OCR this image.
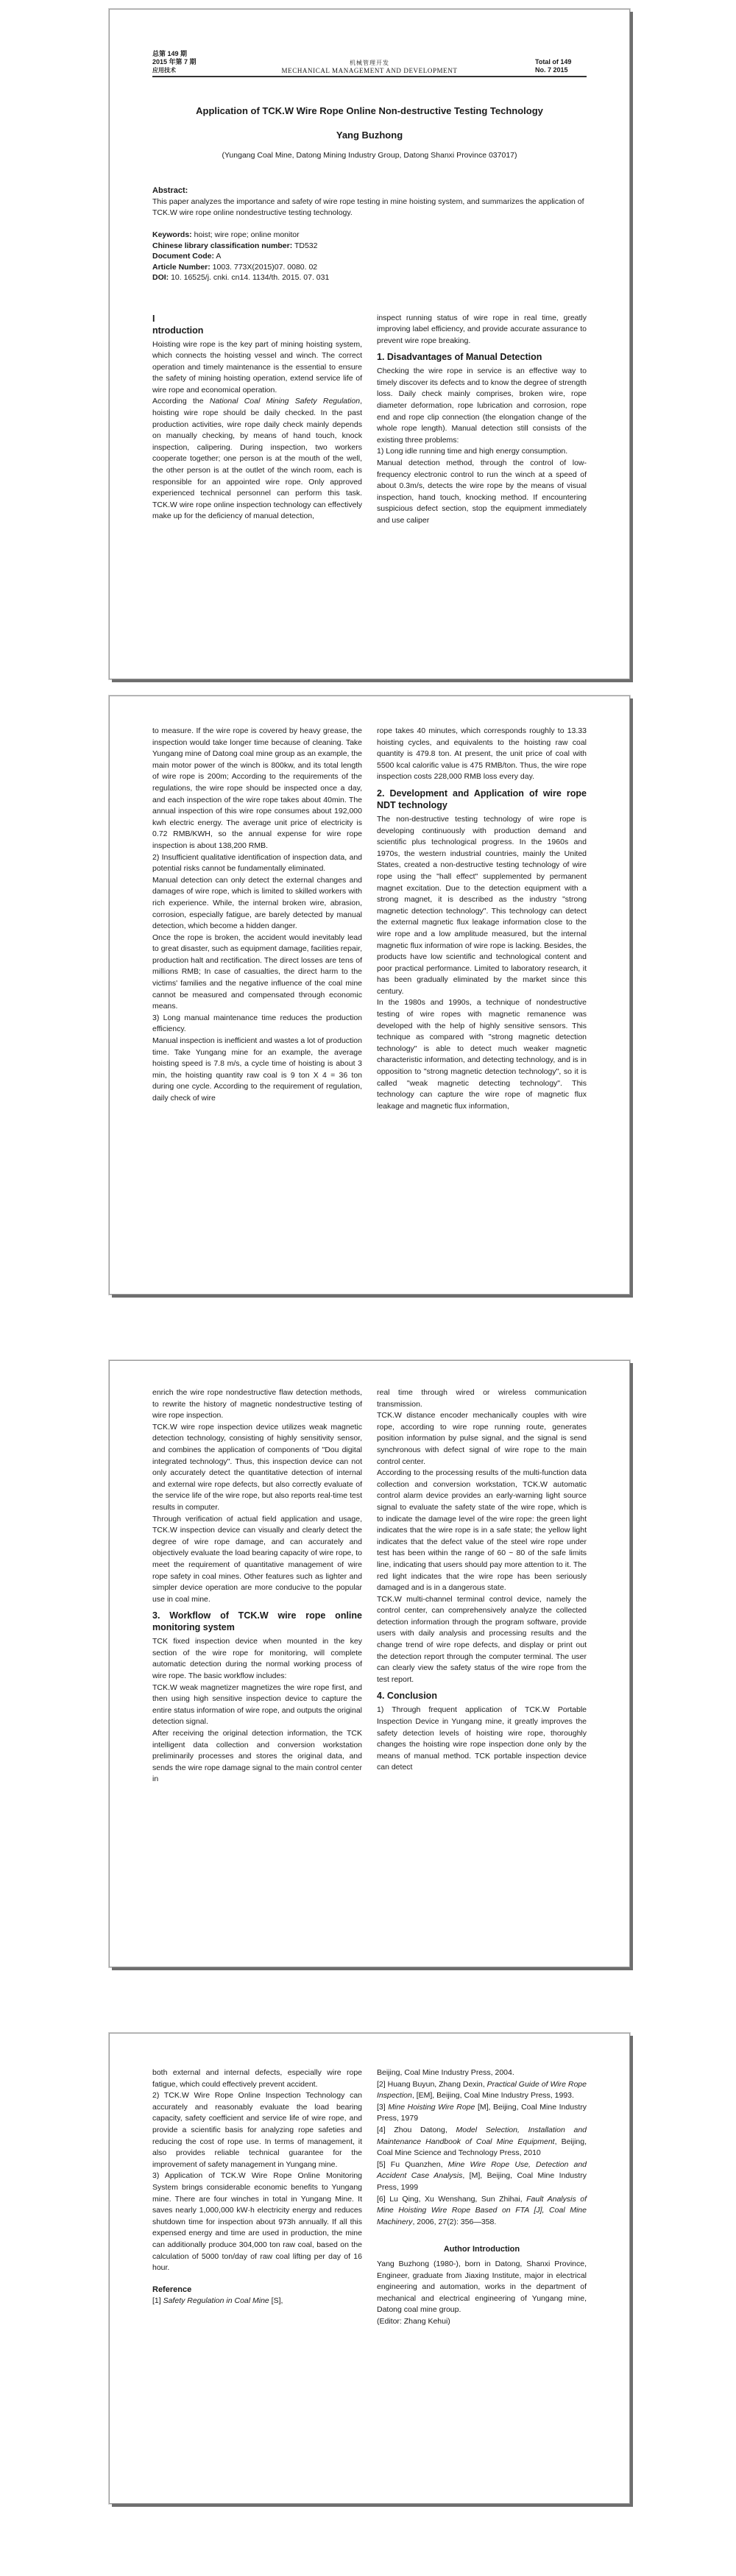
总第 149 期
2015 年第 7 期
应用技术
机械管理开发
MECHANICAL MANAGEMENT AND DEVELOPMENT
Total of 149
No. 7 2015
Application of TCK.W Wire Rope Online Non-destructive Testing Technology
Yang Buzhong
(Yungang Coal Mine, Datong Mining Industry Group, Datong Shanxi Province 037017)
Abstract:
This paper analyzes the importance and safety of wire rope testing in mine hoisting system, and summarizes the application of TCK.W wire rope online nondestructive testing technology.
Keywords: hoist; wire rope; online monitor
Chinese library classification number: TD532
Document Code: A
Article Number: 1003. 773X(2015)07. 0080. 02
DOI: 10. 16525/j. cnki. cn14. 1134/th. 2015. 07. 031
I
ntroduction

Hoisting wire rope is the key part of mining hoisting system, which connects the hoisting vessel and winch. The correct operation and timely maintenance is the essential to ensure the safety of mining hoisting operation, extend service life of wire rope and economical operation.

According the National Coal Mining Safety Regulation, hoisting wire rope should be daily checked. In the past production activities, wire rope daily check mainly depends on manually checking, by means of hand touch, knock inspection, calipering. During inspection, two workers cooperate together; one person is at the mouth of the well, the other person is at the outlet of the winch room, each is responsible for an appointed wire rope. Only approved experienced technical personnel can perform this task. TCK.W wire rope online inspection technology can effectively make up for the deficiency of manual detection,

inspect running status of wire rope in real time, greatly improving label efficiency, and provide accurate assurance to prevent wire rope breaking.

1. Disadvantages of Manual Detection

Checking the wire rope in service is an effective way to timely discover its defects and to know the degree of strength loss. Daily check mainly comprises, broken wire, rope diameter deformation, rope lubrication and corrosion, rope end and rope clip connection (the elongation change of the whole rope length). Manual detection still consists of the existing three problems:

1) Long idle running time and high energy consumption.

Manual detection method, through the control of low-frequency electronic control to run the winch at a speed of about 0.3m/s, detects the wire rope by the means of visual inspection, hand touch, knocking method. If encountering suspicious defect section, stop the equipment immediately and use caliper

to measure. If the wire rope is covered by heavy grease, the inspection would take longer time because of cleaning. Take Yungang mine of Datong coal mine group as an example, the main motor power of the winch is 800kw, and its total length of wire rope is 200m; According to the requirements of the regulations, the wire rope should be inspected once a day, and each inspection of the wire rope takes about 40min. The annual inspection of this wire rope consumes about 192,000 kwh electric energy. The average unit price of electricity is 0.72 RMB/KWH, so the annual expense for wire rope inspection is about 138,200 RMB.

2) Insufficient qualitative identification of inspection data, and potential risks cannot be fundamentally eliminated.

Manual detection can only detect the external changes and damages of wire rope, which is limited to skilled workers with rich experience. While, the internal broken wire, abrasion, corrosion, especially fatigue, are barely detected by manual detection, which become a hidden danger.

Once the rope is broken, the accident would inevitably lead to great disaster, such as equipment damage, facilities repair, production halt and rectification. The direct losses are tens of millions RMB; In case of casualties, the direct harm to the victims' families and the negative influence of the coal mine cannot be measured and compensated through economic means.

3) Long manual maintenance time reduces the production efficiency.

Manual inspection is inefficient and wastes a lot of production time. Take Yungang mine for an example, the average hoisting speed is 7.8 m/s, a cycle time of hoisting is about 3 min, the hoisting quantity raw coal is 9 ton X 4 = 36 ton during one cycle. According to the requirement of regulation, daily check of wire

rope takes 40 minutes, which corresponds roughly to 13.33 hoisting cycles, and equivalents to the hoisting raw coal quantity is 479.8 ton. At present, the unit price of coal with 5500 kcal calorific value is 475 RMB/ton. Thus, the wire rope inspection costs 228,000 RMB loss every day.

2. Development and Application of wire rope NDT technology

The non-destructive testing technology of wire rope is developing continuously with production demand and scientific plus technological progress. In the 1960s and 1970s, the western industrial countries, mainly the United States, created a non-destructive testing technology of wire rope using the "hall effect" supplemented by permanent magnet excitation. Due to the detection equipment with a strong magnet, it is described as the industry "strong magnetic detection technology". This technology can detect the external magnetic flux leakage information close to the wire rope and a low amplitude measured, but the internal magnetic flux information of wire rope is lacking. Besides, the products have low scientific and technological content and poor practical performance. Limited to laboratory research, it has been gradually eliminated by the market since this century.

In the 1980s and 1990s, a technique of nondestructive testing of wire ropes with magnetic remanence was developed with the help of highly sensitive sensors. This technique as compared with "strong magnetic detection technology" is able to detect much weaker magnetic characteristic information, and detecting technology, and is in opposition to "strong magnetic detection technology", so it is called "weak magnetic detecting technology". This technology can capture the wire rope of magnetic flux leakage and magnetic flux information,

enrich the wire rope nondestructive flaw detection methods, to rewrite the history of magnetic nondestructive testing of wire rope inspection.

TCK.W wire rope inspection device utilizes weak magnetic detection technology, consisting of highly sensitivity sensor, and combines the application of components of "Dou digital integrated technology". Thus, this inspection device can not only accurately detect the quantitative detection of internal and external wire rope defects, but also correctly evaluate of the service life of the wire rope, but also reports real-time test results in computer.

Through verification of actual field application and usage, TCK.W inspection device can visually and clearly detect the degree of wire rope damage, and can accurately and objectively evaluate the load bearing capacity of wire rope, to meet the requirement of quantitative management of wire rope safety in coal mines. Other features such as lighter and simpler device operation are more conducive to the popular use in coal mine.

3. Workflow of TCK.W wire rope online monitoring system

TCK fixed inspection device when mounted in the key section of the wire rope for monitoring, will complete automatic detection during the normal working process of wire rope. The basic workflow includes:

TCK.W weak magnetizer magnetizes the wire rope first, and then using high sensitive inspection device to capture the entire status information of wire rope, and outputs the original detection signal.

After receiving the original detection information, the TCK intelligent data collection and conversion workstation preliminarily processes and stores the original data, and sends the wire rope damage signal to the main control center in

real time through wired or wireless communication transmission.

TCK.W distance encoder mechanically couples with wire rope, according to wire rope running route, generates position information by pulse signal, and the signal is send synchronous with defect signal of wire rope to the main control center.

According to the processing results of the multi-function data collection and conversion workstation, TCK.W automatic control alarm device provides an early-warning light source signal to evaluate the safety state of the wire rope, which is to indicate the damage level of the wire rope: the green light indicates that the wire rope is in a safe state; the yellow light indicates that the defect value of the steel wire rope under test has been within the range of 60 ~ 80 of the safe limits line, indicating that users should pay more attention to it. The red light indicates that the wire rope has been seriously damaged and is in a dangerous state.

TCK.W multi-channel terminal control device, namely the control center, can comprehensively analyze the collected detection information through the program software, provide users with daily analysis and processing results and the change trend of wire rope defects, and display or print out the detection report through the computer terminal. The user can clearly view the safety status of the wire rope from the test report.

4. Conclusion

1) Through frequent application of TCK.W Portable Inspection Device in Yungang mine, it greatly improves the safety detection levels of hoisting wire rope, thoroughly changes the hoisting wire rope inspection done only by the means of manual method. TCK portable inspection device can detect

both external and internal defects, especially wire rope fatigue, which could effectively prevent accident.

2) TCK.W Wire Rope Online Inspection Technology can accurately and reasonably evaluate the load bearing capacity, safety coefficient and service life of wire rope, and provide a scientific basis for analyzing rope safeties and reducing the cost of rope use. In terms of management, it also provides reliable technical guarantee for the improvement of safety management in Yungang mine.

3) Application of TCK.W Wire Rope Online Monitoring System brings considerable economic benefits to Yungang mine. There are four winches in total in Yungang Mine. It saves nearly 1,000,000 kW·h electricity energy and reduces shutdown time for inspection about 973h annually. If all this expensed energy and time are used in production, the mine can additionally produce 304,000 ton raw coal, based on the calculation of 5000 ton/day of raw coal lifting per day of 16 hour.

Reference

[1] Safety Regulation in Coal Mine [S],

Beijing, Coal Mine Industry Press, 2004.

[2] Huang Buyun, Zhang Dexin, Practical Guide of Wire Rope Inspection, [EM], Beijing, Coal Mine Industry Press, 1993.

[3] Mine Hoisting Wire Rope [M], Beijing, Coal Mine Industry Press, 1979

[4] Zhou Datong, Model Selection, Installation and Maintenance Handbook of Coal Mine Equipment, Beijing, Coal Mine Science and Technology Press, 2010

[5] Fu Quanzhen, Mine Wire Rope Use, Detection and Accident Case Analysis, [M], Beijing, Coal Mine Industry Press, 1999

[6] Lu Qing, Xu Wenshang, Sun Zhihai, Fault Analysis of Mine Hoisting Wire Rope Based on FTA [J], Coal Mine Machinery, 2006, 27(2): 356—358.

Author Introduction

Yang Buzhong (1980-), born in Datong, Shanxi Province, Engineer, graduate from Jiaxing Institute, major in electrical engineering and automation, works in the department of mechanical and electrical engineering of Yungang mine, Datong coal mine group.

(Editor: Zhang Kehui)
